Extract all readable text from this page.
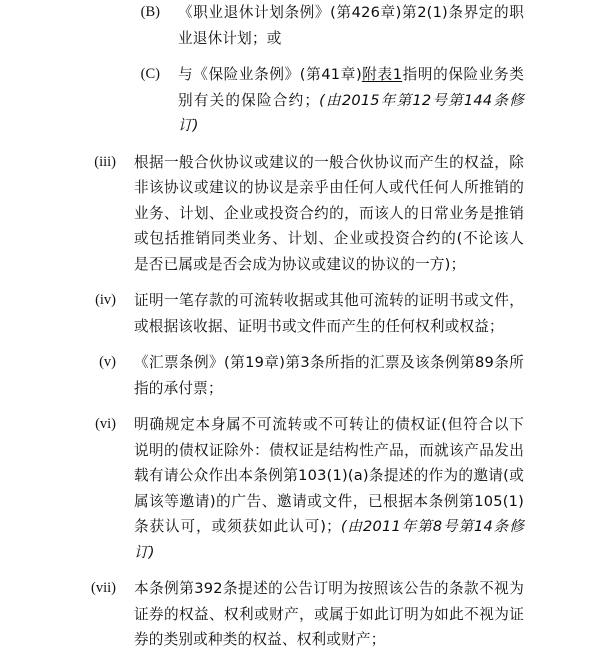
(B) 《职业退休计划条例》(第426章)第2(1)条界定的职业退休计划；或
(C) 与《保险业条例》(第41章)附表1指明的保险业务类别有关的保险合约；(由2015年第12号第144条修订)
(iii) 根据一般合伙协议或建议的一般合伙协议而产生的权益，除非该协议或建议的协议是亲乎由任何人或代任何人所推销的业务、计划、企业或投资合约的，而该人的日常业务是推销或包括推销同类业务、计划、企业或投资合约的(不论该人是否已属或是否会成为协议或建议的协议的一方)；
(iv) 证明一笔存款的可流转收据或其他可流转的证明书或文件，或根据该收据、证明书或文件而产生的任何权利或权益；
(v) 《汇票条例》(第19章)第3条所指的汇票及该条例第89条所指的承付票；
(vi) 明确规定本身属不可流转或不可转让的债权证(但符合以下说明的债权证除外：债权证是结构性产品，而就该产品发出载有请公众作出本条例第103(1)(a)条提述的作为的邀请(或属该等邀请)的广告、邀请或文件，已根据本条例第105(1)条获认可，或须获如此认可)；(由2011年第8号第14条修订)
(vii) 本条例第392条提述的公告订明为按照该公告的条款不视为证券的权益、权利或财产，或属于如此订明为如此不视为证券的类别或种类的权益、权利或财产；
